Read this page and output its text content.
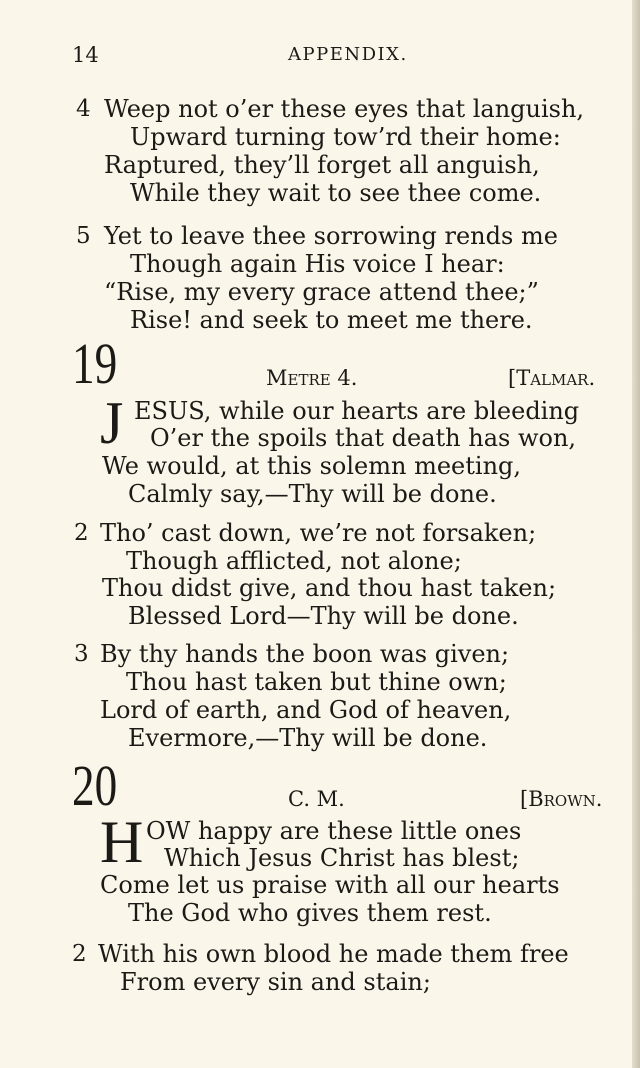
14	APPENDIX.
4 Weep not o’er these eyes that languish,
Upward turning tow’rd their home:
Raptured, they’ll forget all anguish,
While they wait to see thee come.
5 Yet to leave thee sorrowing rends me
Though again His voice I hear:
“Rise, my every grace attend thee;”
Rise! and seek to meet me there.
19	Metre 4.	[Talmar.
J ESUS, while our hearts are bleeding
O’er the spoils that death has won,
We would, at this solemn meeting,
Calmly say,—Thy will be done.
2 Tho’ cast down, we’re not forsaken;
Though afflicted, not alone;
Thou didst give, and thou hast taken;
Blessed Lord—Thy will be done.
3 By thy hands the boon was given;
Thou hast taken but thine own;
Lord of earth, and God of heaven,
Evermore,—Thy will be done.
20	C. M.	[Brown.
H OW happy are these little ones
Which Jesus Christ has blest;
Come let us praise with all our hearts
The God who gives them rest.
2 With his own blood he made them free
From every sin and stain;
